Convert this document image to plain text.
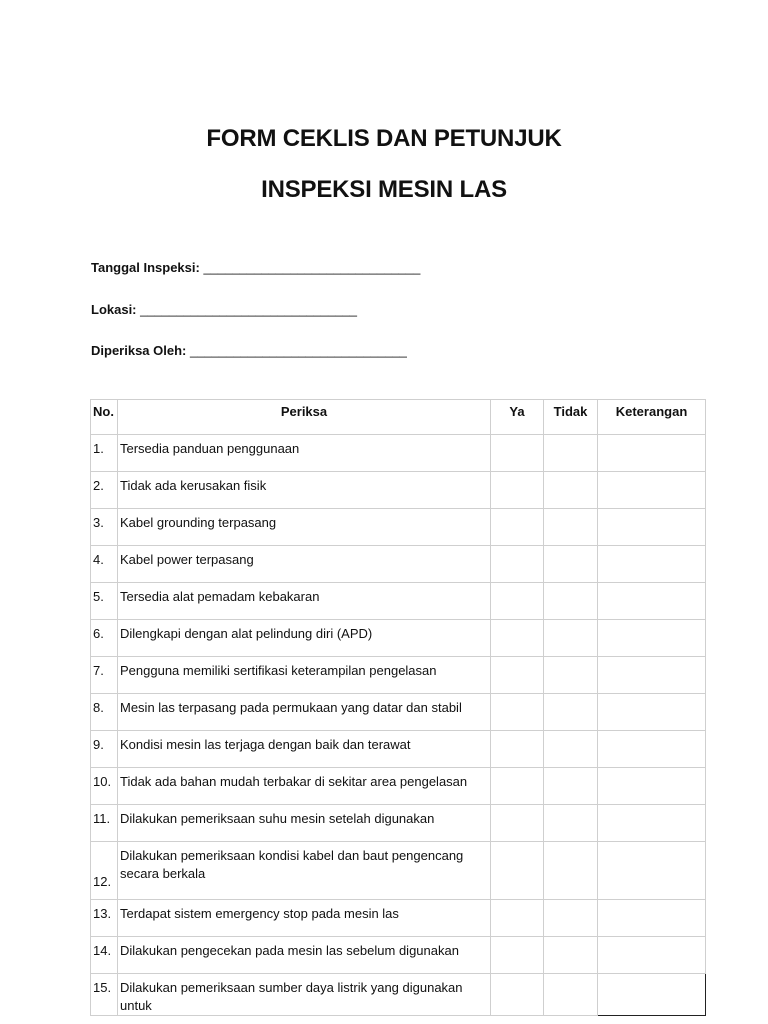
FORM CEKLIS DAN PETUNJUK
INSPEKSI MESIN LAS
Tanggal Inspeksi: ______________________________
Lokasi: ______________________________
Diperiksa Oleh: ______________________________
No.	Periksa	Ya	Tidak	Keterangan
1.	Tersedia panduan penggunaan			
2.	Tidak ada kerusakan fisik			
3.	Kabel grounding terpasang			
4.	Kabel power terpasang			
5.	Tersedia alat pemadam kebakaran			
6.	Dilengkapi dengan alat pelindung diri (APD)			
7.	Pengguna memiliki sertifikasi keterampilan pengelasan			
8.	Mesin las terpasang pada permukaan yang datar dan stabil			
9.	Kondisi mesin las terjaga dengan baik dan terawat			
10.	Tidak ada bahan mudah terbakar di sekitar area pengelasan			
11.	Dilakukan pemeriksaan suhu mesin setelah digunakan			
12.	Dilakukan pemeriksaan kondisi kabel dan baut pengencang secara berkala			
13.	Terdapat sistem emergency stop pada mesin las			
14.	Dilakukan pengecekan pada mesin las sebelum digunakan			
15.	Dilakukan pemeriksaan sumber daya listrik yang digunakan untuk			
